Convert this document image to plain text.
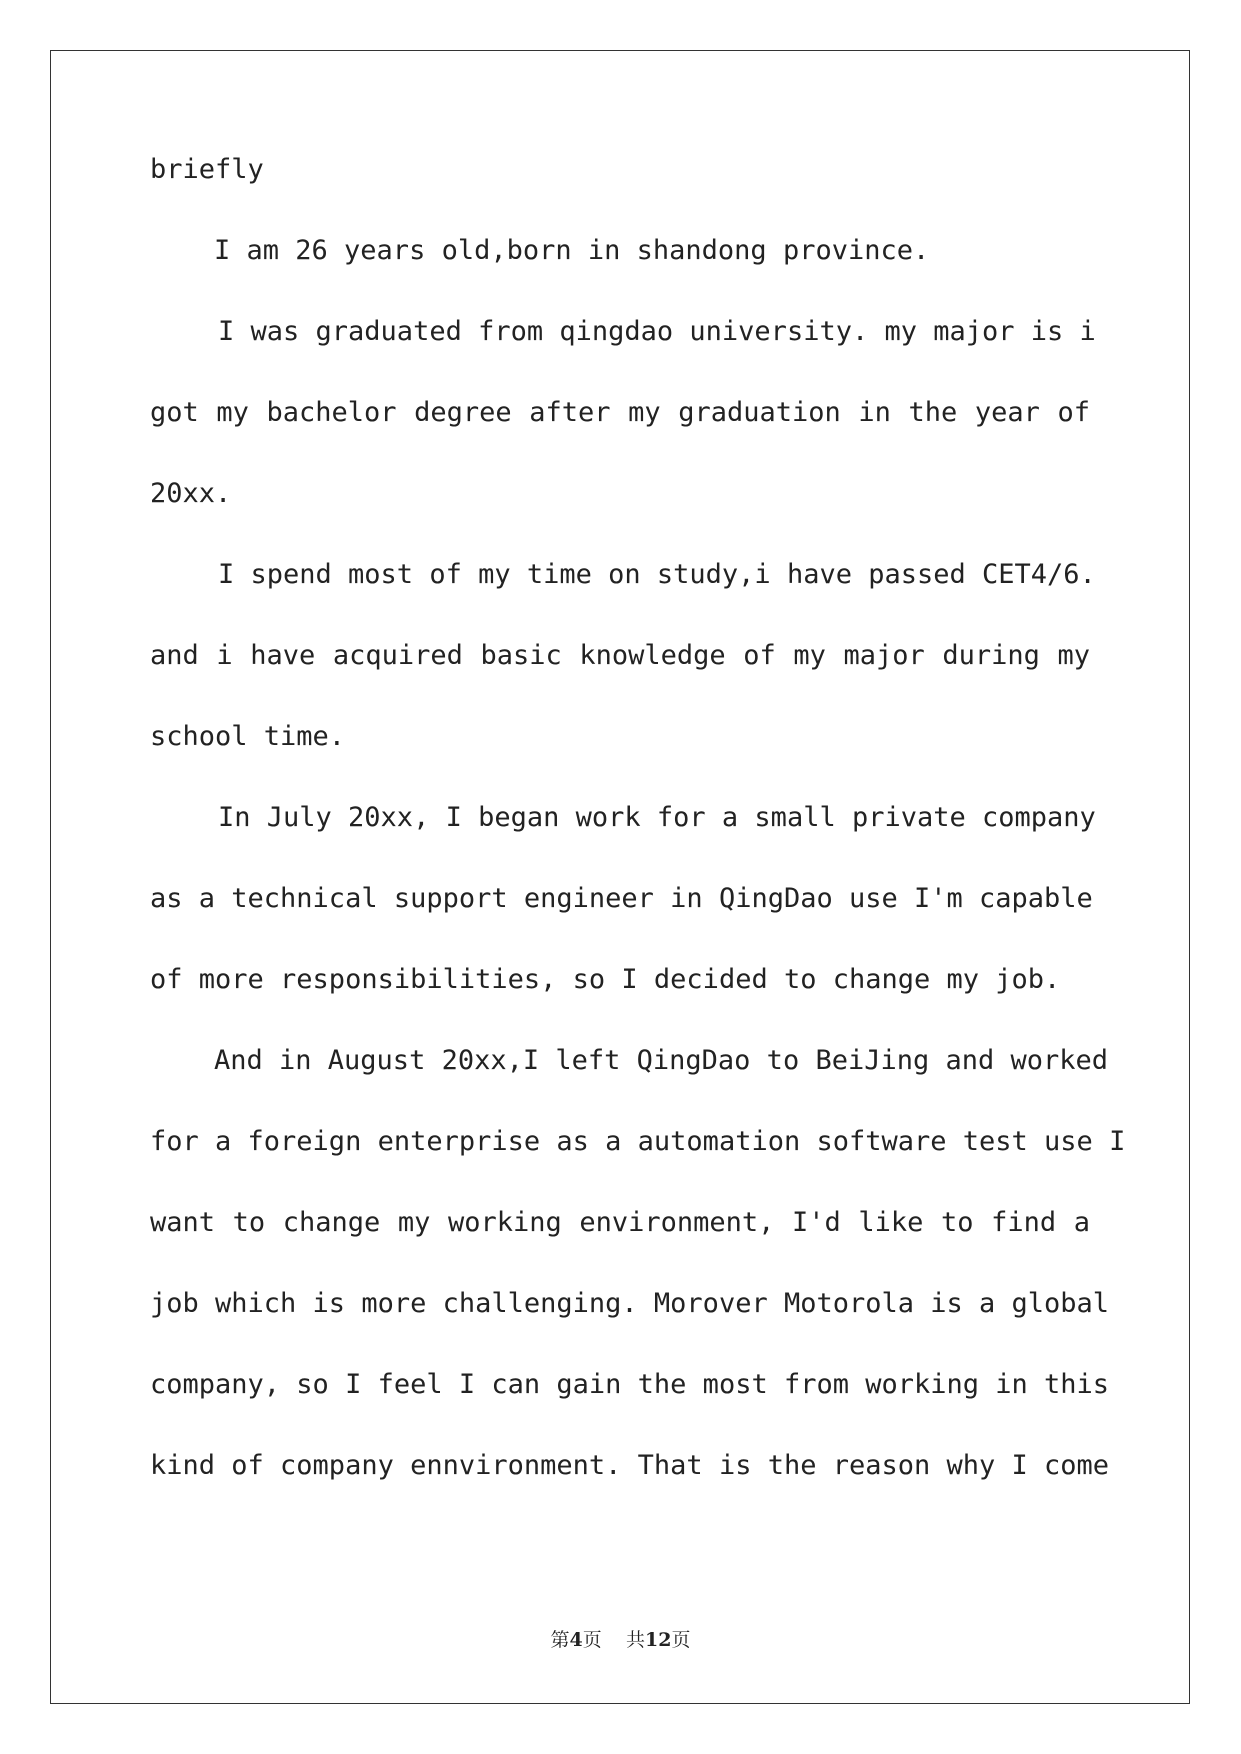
briefly
I am 26 years old,born in shandong province.
I was graduated from qingdao university. my major is i
got my bachelor degree after my graduation in the year of
20xx.
I spend most of my time on study,i have passed CET4/6.
and i have acquired basic knowledge of my major during my
school time.
In July 20xx, I began work for a small private company
as a technical support engineer in QingDao use I'm capable
of more responsibilities, so I decided to change my job.
And in August 20xx,I left QingDao to BeiJing and worked
for a foreign enterprise as a automation software test use I
want to change my working environment, I'd like to find a
job which is more challenging. Morover Motorola is a global
company, so I feel I can gain the most from working in this
kind of company ennvironment. That is the reason why I come
第4页 共12页
